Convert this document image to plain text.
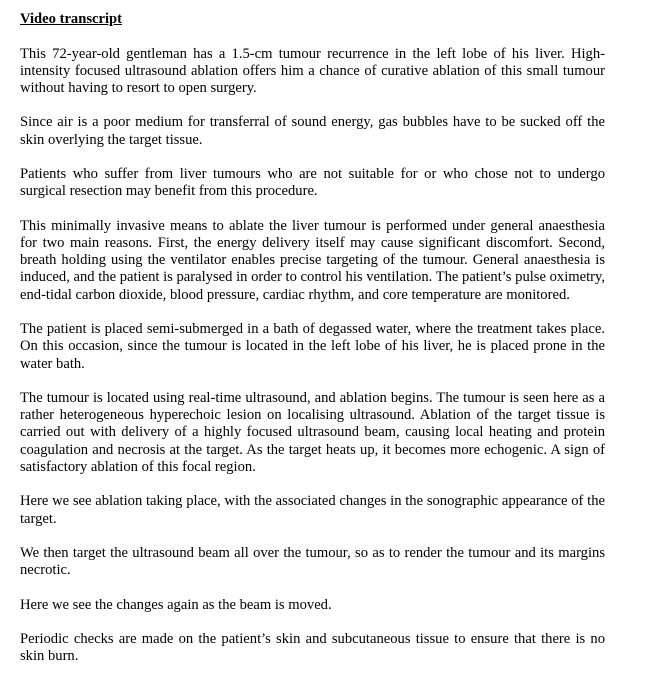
Video transcript

This 72-year-old gentleman has a 1.5-cm tumour recurrence in the left lobe of his liver. High-intensity focused ultrasound ablation offers him a chance of curative ablation of this small tumour without having to resort to open surgery.

Since air is a poor medium for transferral of sound energy, gas bubbles have to be sucked off the skin overlying the target tissue.

Patients who suffer from liver tumours who are not suitable for or who chose not to undergo surgical resection may benefit from this procedure.

This minimally invasive means to ablate the liver tumour is performed under general anaesthesia for two main reasons. First, the energy delivery itself may cause significant discomfort. Second, breath holding using the ventilator enables precise targeting of the tumour. General anaesthesia is induced, and the patient is paralysed in order to control his ventilation. The patient’s pulse oximetry, end-tidal carbon dioxide, blood pressure, cardiac rhythm, and core temperature are monitored.

The patient is placed semi-submerged in a bath of degassed water, where the treatment takes place. On this occasion, since the tumour is located in the left lobe of his liver, he is placed prone in the water bath.

The tumour is located using real-time ultrasound, and ablation begins. The tumour is seen here as a rather heterogeneous hyperechoic lesion on localising ultrasound. Ablation of the target tissue is carried out with delivery of a highly focused ultrasound beam, causing local heating and protein coagulation and necrosis at the target. As the target heats up, it becomes more echogenic. A sign of satisfactory ablation of this focal region.

Here we see ablation taking place, with the associated changes in the sonographic appearance of the target.

We then target the ultrasound beam all over the tumour, so as to render the tumour and its margins necrotic.

Here we see the changes again as the beam is moved.

Periodic checks are made on the patient’s skin and subcutaneous tissue to ensure that there is no skin burn.
